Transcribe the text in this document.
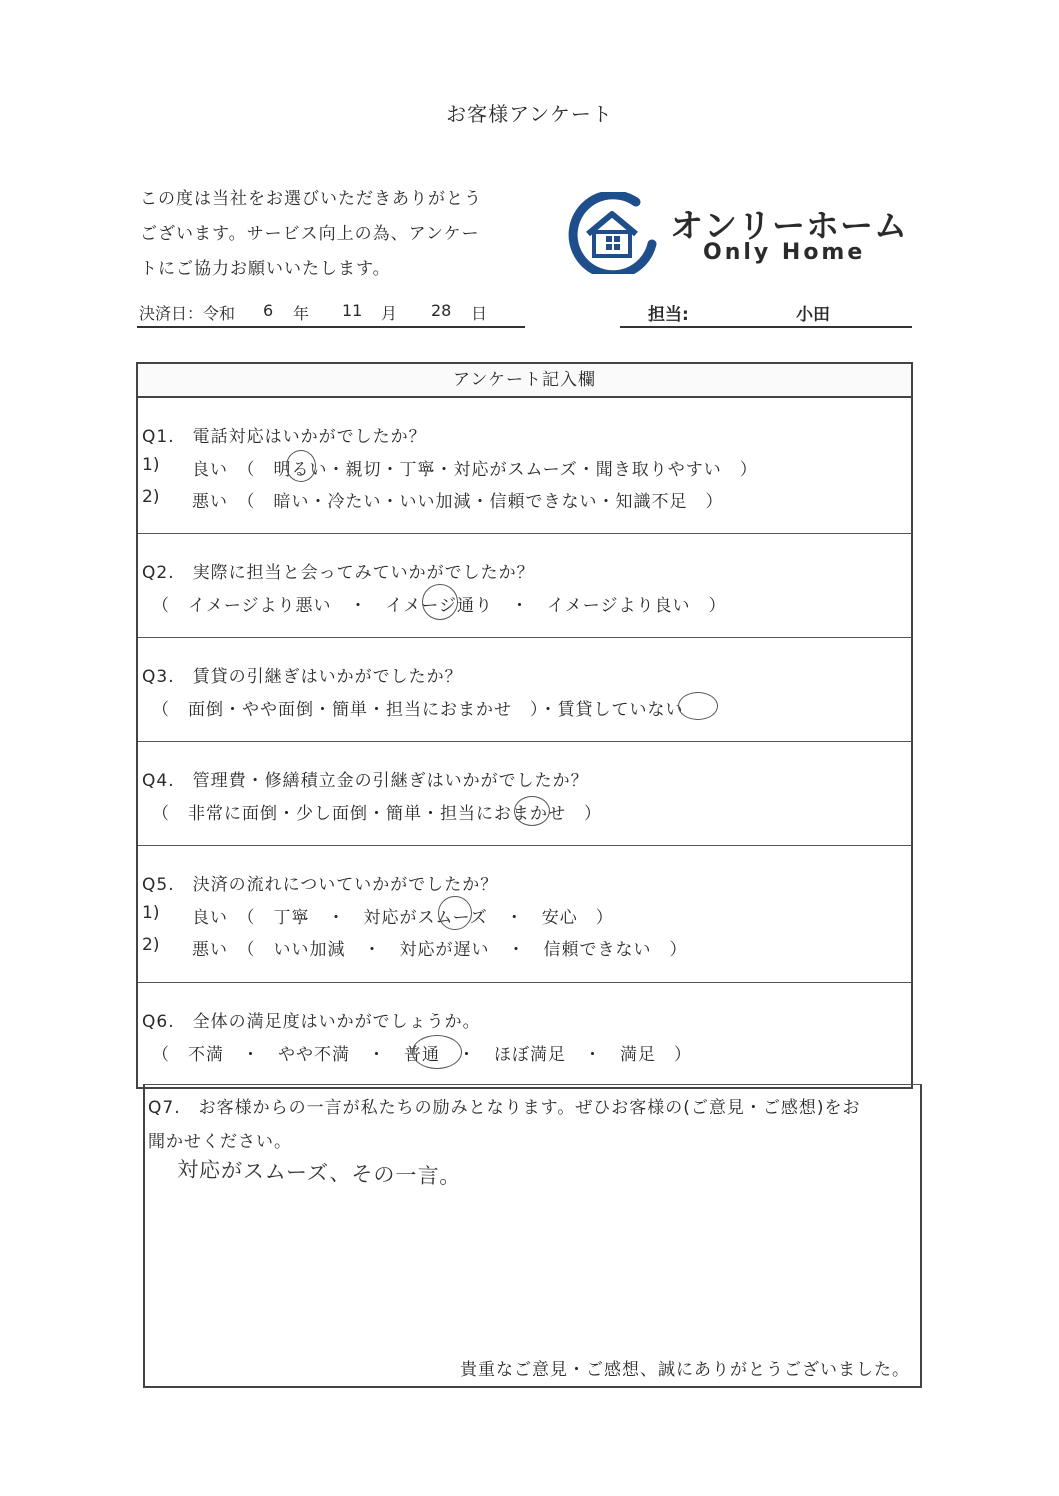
お客様アンケート
この度は当社をお選びいただきありがとう
ございます。サービス向上の為、アンケー
トにご協力お願いいたします。
オンリーホーム
Only Home
決済日：令和 6 年 11 月 28 日	担当:	小田
アンケート記入欄
Q1.　電話対応はいかがでしたか？
1) 良い　（　明るい・親切・丁寧・対応がスムーズ・聞き取りやすい　）
2) 悪い　（　暗い・冷たい・いい加減・信頼できない・知識不足　）
Q2.　実際に担当と会ってみていかがでしたか？
（　イメージより悪い　・　イメージ通り　・　イメージより良い　）
Q3.　賃貸の引継ぎはいかがでしたか？
（　面倒・やや面倒・簡単・担当におまかせ　）・賃貸していない
Q4.　管理費・修繕積立金の引継ぎはいかがでしたか？
（　非常に面倒・少し面倒・簡単・担当におまかせ　）
Q5.　決済の流れについていかがでしたか？
1) 良い　（　丁寧　・　対応がスムーズ　・　安心　）
2) 悪い　（　いい加減　・　対応が遅い　・　信頼できない　）
Q6.　全体の満足度はいかがでしょうか。
（　不満　・　やや不満　・　普通　・　ほぼ満足　・　満足　）
Q7.　お客様からの一言が私たちの励みとなります。ぜひお客様の(ご意見・ご感想)をお
聞かせください。
対応がスムーズ、その一言。
貴重なご意見・ご感想、誠にありがとうございました。
